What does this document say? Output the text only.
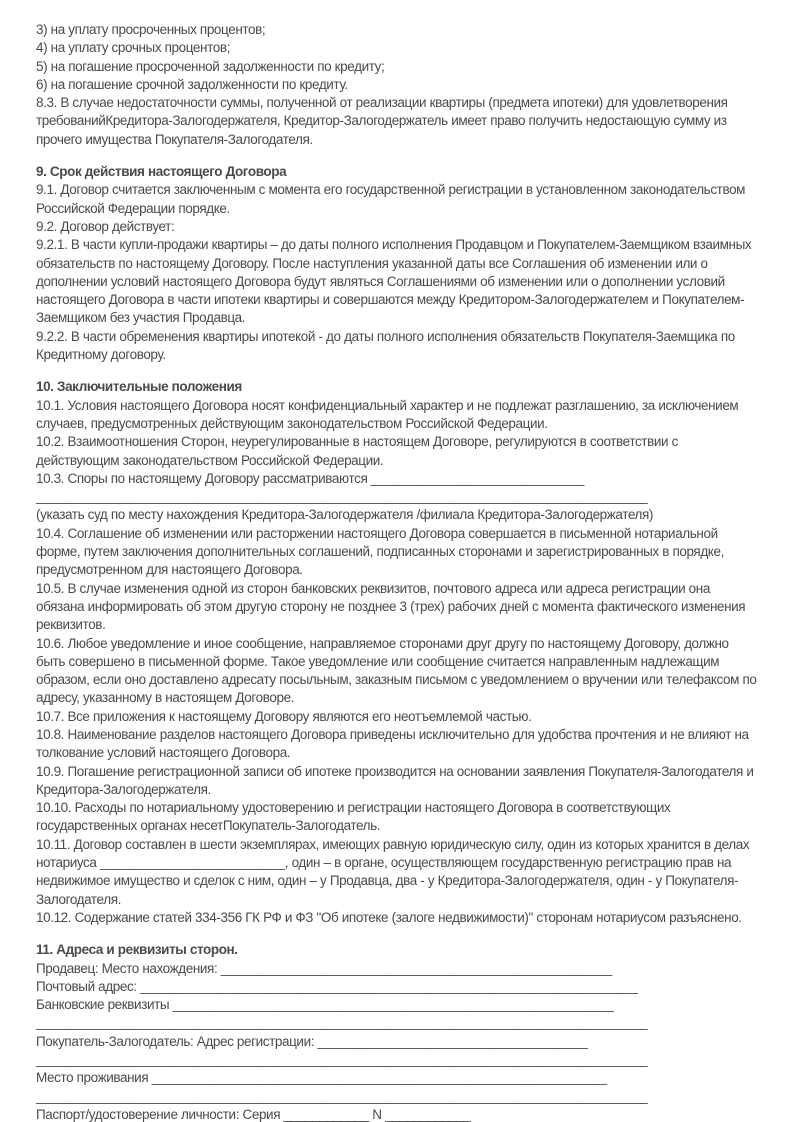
3) на уплату просроченных процентов;

4) на уплату срочных процентов;

5) на погашение просроченной задолженности по кредиту;

6) на погашение срочной задолженности по кредиту.

8.3. В случае недостаточности суммы, полученной от реализации квартиры (предмета ипотеки) для удовлетворения требованийКредитора-Залогодержателя, Кредитор-Залогодержатель имеет право получить недостающую сумму из прочего имущества Покупателя-Залогодателя.

9. Срок действия настоящего Договора

9.1. Договор считается заключенным с момента его государственной регистрации в установленном законодательством Российской Федерации порядке.

9.2. Договор действует:

9.2.1. В части купли-продажи квартиры – до даты полного исполнения Продавцом и Покупателем-Заемщиком взаимных обязательств по настоящему Договору. После наступления указанной даты все Соглашения об изменении или о дополнении условий настоящего Договора будут являться Соглашениями об изменении или о дополнении условий настоящего Договора в части ипотеки квартиры и совершаются между Кредитором-Залогодержателем и Покупателем-Заемщиком без участия Продавца.

9.2.2. В части обременения квартиры ипотекой - до даты полного исполнения обязательств Покупателя-Заемщика по Кредитному договору.

10. Заключительные положения

10.1. Условия настоящего Договора носят конфиденциальный характер и не подлежат разглашению, за исключением случаев, предусмотренных действующим законодательством Российской Федерации.

10.2. Взаимоотношения Сторон, неурегулированные в настоящем Договоре, регулируются в соответствии с действующим законодательством Российской Федерации.

10.3. Споры по настоящему Договору рассматриваются ______________________________

______________________________________________________________________________________

(указать суд по месту нахождения Кредитора-Залогодержателя /филиала Кредитора-Залогодержателя)

10.4. Соглашение об изменении или расторжении настоящего Договора совершается в письменной нотариальной форме, путем заключения дополнительных соглашений, подписанных сторонами и зарегистрированных в порядке, предусмотренном для настоящего Договора.

10.5. В случае изменения одной из сторон банковских реквизитов, почтового адреса или адреса регистрации она обязана информировать об этом другую сторону не позднее 3 (трех) рабочих дней с момента фактического изменения реквизитов.

10.6. Любое уведомление и иное сообщение, направляемое сторонами друг другу по настоящему Договору, должно быть совершено в письменной форме. Такое уведомление или сообщение считается направленным надлежащим образом, если оно доставлено адресату посыльным, заказным письмом с уведомлением о вручении или телефаксом по адресу, указанному в настоящем Договоре.

10.7. Все приложения к настоящему Договору являются его неотъемлемой частью.

10.8. Наименование разделов настоящего Договора приведены исключительно для удобства прочтения и не влияют на толкование условий настоящего Договора.

10.9. Погашение регистрационной записи об ипотеке производится на основании заявления Покупателя-Залогодателя и Кредитора-Залогодержателя.

10.10. Расходы по нотариальному удостоверению и регистрации настоящего Договора в соответствующих государственных органах несетПокупатель-Залогодатель.

10.11. Договор составлен в шести экземплярах, имеющих равную юридическую силу, один из которых хранится в делах нотариуса __________________________, один – в органе, осуществляющем государственную регистрацию прав на недвижимое имущество и сделок с ним, один – у Продавца, два - у Кредитора-Залогодержателя, один - у Покупателя-Залогодателя.

10.12. Содержание статей 334-356 ГК РФ и ФЗ "Об ипотеке (залоге недвижимости)" сторонам нотариусом разъяснено.

11. Адреса и реквизиты сторон.

Продавец: Место нахождения: _______________________________________________________

Почтовый адрес: ______________________________________________________________________

Банковские реквизиты ______________________________________________________________

______________________________________________________________________________________

Покупатель-Залогодатель: Адрес регистрации: ______________________________________

______________________________________________________________________________________

Место проживания ________________________________________________________________

______________________________________________________________________________________

Паспорт/удостоверение личности: Серия ____________ N ____________
